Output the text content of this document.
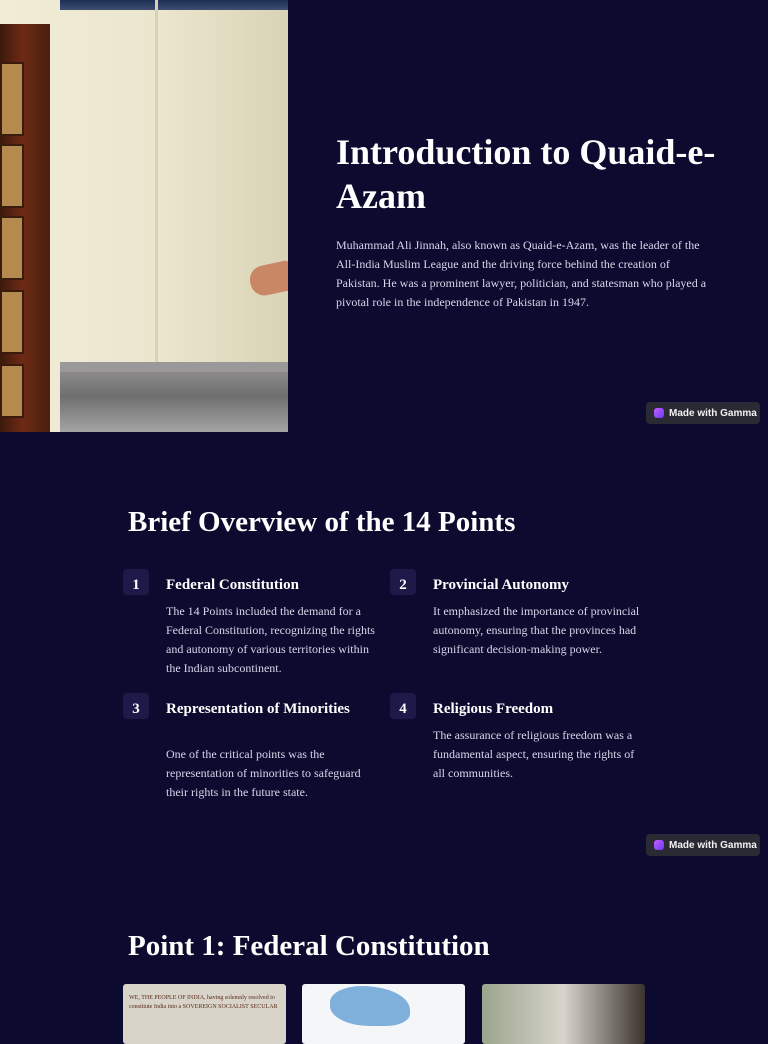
Introduction to Quaid-e-Azam

Muhammad Ali Jinnah, also known as Quaid-e-Azam, was the leader of the All-India Muslim League and the driving force behind the creation of Pakistan. He was a prominent lawyer, politician, and statesman who played a pivotal role in the independence of Pakistan in 1947.

Made with Gamma
Brief Overview of the 14 Points
1	Federal Constitution
The 14 Points included the demand for a Federal Constitution, recognizing the rights and autonomy of various territories within the Indian subcontinent.
2	Provincial Autonomy
It emphasized the importance of provincial autonomy, ensuring that the provinces had significant decision-making power.
3	Representation of Minorities
One of the critical points was the representation of minorities to safeguard their rights in the future state.
4	Religious Freedom
The assurance of religious freedom was a fundamental aspect, ensuring the rights of all communities.
Made with Gamma
Point 1: Federal Constitution
WE, THE PEOPLE OF INDIA, having solemnly resolved to constitute India into a SOVEREIGN SOCIALIST SECULAR
